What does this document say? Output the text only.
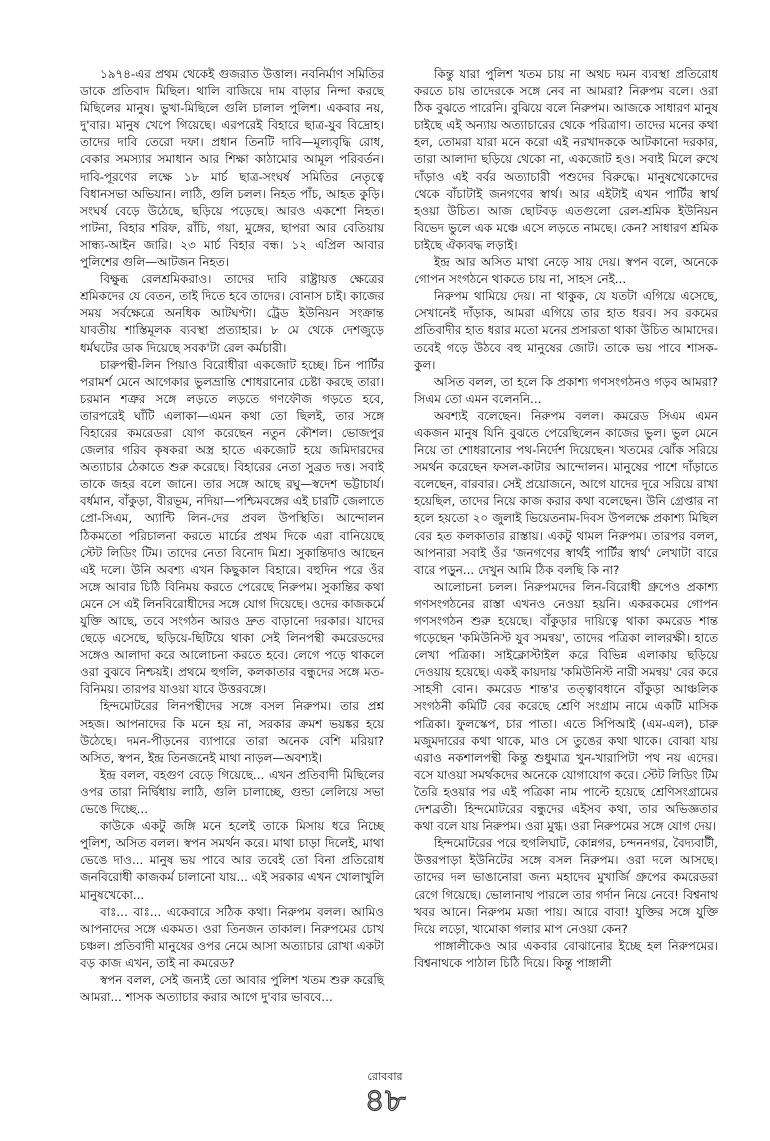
১৯৭৪-এর প্রথম থেকেই গুজরাত উত্তাল। নবনির্মাণ সমিতির ডাকে প্রতিবাদ মিছিল। থালি বাজিয়ে দাম বাড়ার নিন্দা করছে মিছিলের মানুষ। ভুখা-মিছিলে গুলি চালাল পুলিশ। একবার নয়, দু'বার। মানুষ খেপে গিয়েছে। এরপরেই বিহারে ছাত্র-যুব বিদ্রোহ। তাদের দাবি তেরো দফা। প্রধান তিনটি দাবি—মূল্যবৃদ্ধি রোধ, বেকার সমস্যার সমাধান আর শিক্ষা কাঠামোর আমূল পরিবর্তন। দাবি-পূরণের লক্ষে ১৮ মার্চ ছাত্র-সংঘর্ষ সমিতির নেতৃত্বে বিধানসভা অভিযান। লাঠি, গুলি চলল। নিহত পাঁচ, আহত কুড়ি। সংঘর্ষ বেড়ে উঠেছে, ছড়িয়ে পড়েছে। আরও একশো নিহত। পাটনা, বিহার শরিফ, রাঁচি, গয়া, মুঙ্গের, ছাপরা আর বেতিয়ায় সান্ধ্য-আইন জারি। ২৩ মার্চ বিহার বন্ধ। ১২ এপ্রিল আবার পুলিশের গুলি—আটজন নিহত।

বিক্ষুব্ধ রেলশ্রমিকরাও। তাদের দাবি রাষ্ট্রায়ত্ত ক্ষেত্রের শ্রমিকদের যে বেতন, তাই দিতে হবে তাদের। বোনাস চাই। কাজের সময় সর্বক্ষেত্রে অনধিক আটঘণ্টা। ট্রেড ইউনিয়ন সংক্রান্ত যাবতীয় শাস্তিমূলক ব্যবস্থা প্রত্যাহার। ৮ মে থেকে দেশজুড়ে ধর্মঘটের ডাক দিয়েছে সবক'টা রেল কর্মচারী।

চারুপন্থী-লিন পিয়াও বিরোধীরা একজোট হচ্ছে। চিন পার্টির পরামর্শ মেনে আগেকার ভুলভ্রান্তি শোধরানোর চেষ্টা করছে তারা। চরমান শত্রুর সঙ্গে লড়তে লড়তে গণফৌজ গড়তে হবে, তারপরেই ঘাঁটি এলাকা—এমন কথা তো ছিলই, তার সঙ্গে বিহারের কমরেডরা যোগ করেছেন নতুন কৌশল। ভোজপুর জেলার গরিব কৃষকরা অস্ত্র হাতে একজোট হয়ে জমিদারদের অত্যাচার ঠেকাতে শুরু করেছে। বিহারের নেতা সুব্রত দত্ত। সবাই তাকে জহর বলে জানে। তার সঙ্গে আছে রঘু—স্বদেশ ভট্টাচার্য। বর্ধমান, বাঁকুড়া, বীরভূম, নদিয়া—পশ্চিমবঙ্গের এই চারটি জেলাতে প্রো-সিএম, অ্যান্টি লিন-দের প্রবল উপস্থিতি। আন্দোলন ঠিকমতো পরিচালনা করতে মার্চের প্রথম দিকে এরা বানিয়েছে স্টেট লিডিং টিম। তাদের নেতা বিনোদ মিশ্র। সুকান্তিদাও আছেন এই দলে। উনি অবশ্য এখন কিছুকাল বিহারে। বহুদিন পরে ওঁর সঙ্গে আবার চিঠি বিনিময় করতে পেরেছে নিরুপম। সুকান্তির কথা মেনে সে এই লিনবিরোধীদের সঙ্গে যোগ দিয়েছে। ওদের কাজকর্মে যুক্তি আছে, তবে সংগঠন আরও দ্রুত বাড়ানো দরকার। যাদের ছেড়ে এসেছে, ছড়িয়ে-ছিটিয়ে থাকা সেই লিনপন্থী কমরেডদের সঙ্গেও আলাদা করে আলোচনা করতে হবে। লেগে পড়ে থাকলে ওরা বুঝবে নিশ্চয়ই। প্রথমে হুগলি, কলকাতার বন্ধুদের সঙ্গে মত-বিনিময়। তারপর যাওয়া যাবে উত্তরবঙ্গে।

হিন্দমোটরের লিনপন্থীদের সঙ্গে বসল নিরুপম। তার প্রশ্ন সহজ। আপনাদের কি মনে হয় না, সরকার ক্রমশ ভয়ঙ্কর হয়ে উঠেছে। দমন-পীড়নের ব্যাপারে তারা অনেক বেশি মরিয়া? অসিত, স্বপন, ইন্দ্র তিনজনেই মাথা নাড়ল—অবশ্যই।

ইন্দ্র বলল, বহগুণ বেড়ে গিয়েছে... এখন প্রতিবাদী মিছিলের ওপর তারা নির্দ্বিধায় লাঠি, গুলি চালাচ্ছে, গুন্ডা লেলিয়ে সভা ভেঙে দিচ্ছে...

কাউকে একটু জঙ্গি মনে হলেই তাকে মিসায় ধরে নিচ্ছে পুলিশ, অসিত বলল। স্বপন সমর্থন করে। মাথা চাড়া দিলেই, মাথা ভেঙে দাও... মানুষ ভয় পাবে আর তবেই তো বিনা প্রতিরোধ জনবিরোধী কাজকর্ম চালানো যায়... এই সরকার এখন খোলাখুলি মানুষখেকো...

বাঃ... বাঃ... একেবারে সঠিক কথা। নিরুপম বলল। আমিও আপনাদের সঙ্গে একমত। ওরা তিনজন তাকাল। নিরুপমের চোখ চঞ্চল। প্রতিবাদী মানুষের ওপর নেমে আসা অত্যাচার রোখা একটা বড় কাজ এখন, তাই না কমরেড?

স্বপন বলল, সেই জন্যই তো আবার পুলিশ খতম শুরু করেছি আমরা... শাসক অত্যাচার করার আগে দু'বার ভাববে...

কিন্তু যারা পুলিশ খতম চায় না অথচ দমন ব্যবস্থা প্রতিরোধ করতে চায় তাদেরকে সঙ্গে নেব না আমরা? নিরুপম বলে। ওরা ঠিক বুঝতে পারেনি। বুঝিয়ে বলে নিরুপম। আজকে সাধারণ মানুষ চাইছে এই অন্যায় অত্যাচারের থেকে পরিত্রাণ। তাদের মনের কথা হল, তোমরা যারা মনে করো এই নরখাদককে আটকানো দরকার, তারা আলাদা ছড়িয়ে থেকো না, একজোট হও। সবাই মিলে রুখে দাঁড়াও এই বর্বর অত্যাচারী পশুদের বিরুদ্ধে। মানুষখেকোদের থেকে বাঁচাটাই জনগণের স্বার্থ। আর এইটাই এখন পার্টির স্বার্থ হওয়া উচিত। আজ ছোটবড় এতগুলো রেল-শ্রমিক ইউনিয়ন বিভেদ ভুলে এক মঞ্চে এসে লড়তে নামছে। কেন? সাধারণ শ্রমিক চাইছে ঐক্যবদ্ধ লড়াই।

ইন্দ্র আর অসিত মাথা নেড়ে সায় দেয়। স্বপন বলে, অনেকে গোপন সংগঠনে থাকতে চায় না, সাহস নেই...

নিরুপম থামিয়ে দেয়। না থাকুক, যে যতটা এগিয়ে এসেছে, সেখানেই দাঁড়াক, আমরা এগিয়ে তার হাত ধরব। সব রকমের প্রতিবাদীর হাত ধরার মতো মনের প্রসারতা থাকা উচিত আমাদের। তবেই গড়ে উঠবে বহু মানুষের জোট। তাকে ভয় পাবে শাসক-কুল।

অসিত বলল, তা হলে কি প্রকাশ্য গণসংগঠনও গড়ব আমরা? সিএম তো এমন বলেননি...

অবশ্যই বলেছেন। নিরুপম বলল। কমরেড সিএম এমন একজন মানুষ যিনি বুঝতে পেরেছিলেন কাজের ভুল। ভুল মেনে নিয়ে তা শোধরানোর পথ-নির্দেশ দিয়েছেন। খতমের ঝোঁক সরিয়ে সমর্থন করেছেন ফসল-কাটার আন্দোলন। মানুষের পাশে দাঁড়াতে বলেছেন, বারবার। সেই প্রয়োজনে, আগে যাদের দূরে সরিয়ে রাখা হয়েছিল, তাদের নিয়ে কাজ করার কথা বলেছেন। উনি গ্রেপ্তার না হলে হয়তো ২০ জুলাই ভিয়েতনাম-দিবস উপলক্ষে প্রকাশ্য মিছিল বের হত কলকাতার রাস্তায়। একটু থামল নিরুপম। তারপর বলল, আপনারা সবাই ওঁর 'জনগণের স্বার্থই পার্টির স্বার্থ' লেখাটা বারে বারে পড়ুন... দেখুন আমি ঠিক বলছি কি না?

আলোচনা চলল। নিরুপমদের লিন-বিরোধী গ্রুপেও প্রকাশ্য গণসংগঠনের রাস্তা এখনও নেওয়া হয়নি। একরকমের গোপন গণসংগঠন শুরু হয়েছে। বাঁকুড়ার দায়িত্বে থাকা কমরেড শান্ত গড়েছেন 'কমিউনিস্ট যুব সমন্বয়', তাদের পত্রিকা লালরক্ষী। হাতে লেখা পত্রিকা। সাইক্লোস্টাইল করে বিভিন্ন এলাকায় ছড়িয়ে দেওয়ায় হয়েছে। একই কায়দায় 'কমিউনিস্ট নারী সমন্বয়' বের করে সাহসী বোন। কমরেড শান্ত'র তত্ত্বাবধানে বাঁকুড়া আঞ্চলিক সংগঠনী কমিটি বের করেছে শ্রেণি সংগ্রাম নামে একটি মাসিক পত্রিকা। ফুলস্কেপ, চার পাতা। এতে সিপিআই (এম-এল), চারু মজুমদারের কথা থাকে, মাও সে তুঙের কথা থাকে। বোঝা যায় এরাও নকশালপন্থী কিন্তু শুধুমাত্র খুন-খারাপিটা পথ নয় এদের। বসে যাওয়া সমর্থকদের অনেকে যোগাযোগ করে। স্টেট লিডিং টিম তৈরি হওয়ার পর এই পত্রিকা নাম পাল্টে হয়েছে শ্রেণিসংগ্রামের দেশব্রতী। হিন্দমোটরের বন্ধুদের এইসব কথা, তার অভিজ্ঞতার কথা বলে যায় নিরুপম। ওরা মুগ্ধ। ওরা নিরুপমের সঙ্গে যোগ দেয়।

হিন্দমোটরের পরে হুগলিঘাট, কোন্নগর, চন্দননগর, বৈদ্যবাটী, উত্তরপাড়া ইউনিটের সঙ্গে বসল নিরুপম। ওরা দলে আসছে। তাদের দল ভাঙানোরা জন্য মহাদেব মুখার্জি গ্রুপের কমরেডরা রেগে গিয়েছে। ভোলানাথ পারলে তার গর্দান নিয়ে নেবে! বিশ্বনাথ খবর আনে। নিরুপম মজা পায়। আরে বাবা! যুক্তির সঙ্গে যুক্তি দিয়ে লড়ো, খামোকা গলার মাপ নেওয়া কেন?

পাঙ্গালীকেও আর একবার বোঝানোর ইচ্ছে হল নিরুপমের। বিশ্বনাথকে পাঠাল চিঠি দিয়ে। কিন্তু পাঙ্গালী

রোববার
৪৮
